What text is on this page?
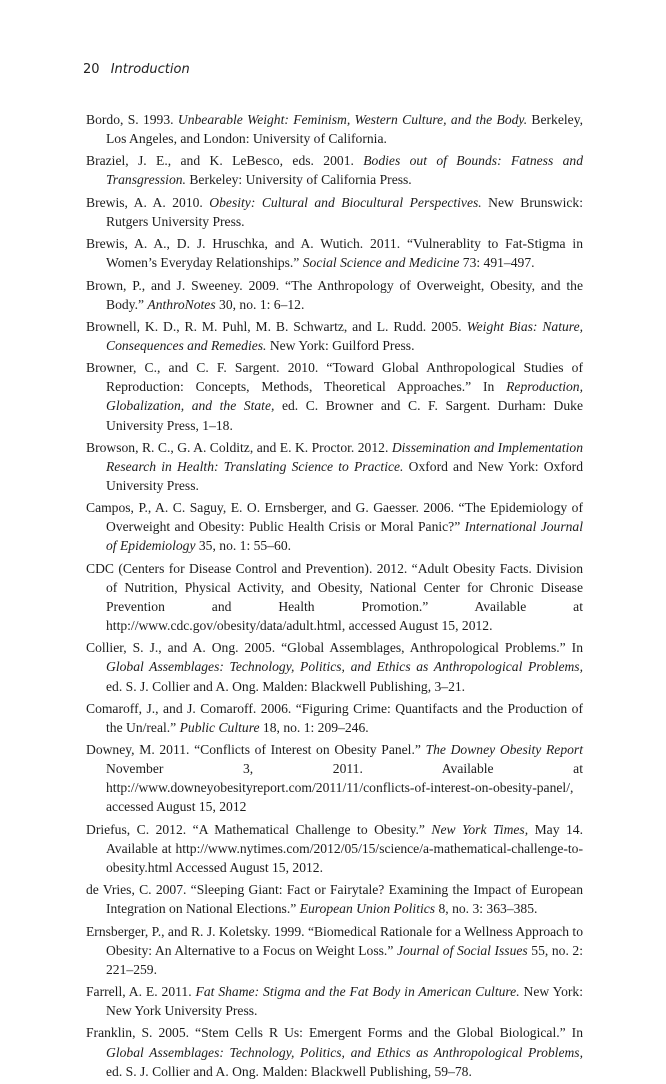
20 Introduction
Bordo, S. 1993. Unbearable Weight: Feminism, Western Culture, and the Body. Berkeley, Los Angeles, and London: University of California.
Braziel, J. E., and K. LeBesco, eds. 2001. Bodies out of Bounds: Fatness and Transgression. Berkeley: University of California Press.
Brewis, A. A. 2010. Obesity: Cultural and Biocultural Perspectives. New Brunswick: Rutgers University Press.
Brewis, A. A., D. J. Hruschka, and A. Wutich. 2011. “Vulnerablity to Fat-Stigma in Women’s Everyday Relationships.” Social Science and Medicine 73: 491–497.
Brown, P., and J. Sweeney. 2009. “The Anthropology of Overweight, Obesity, and the Body.” AnthroNotes 30, no. 1: 6–12.
Brownell, K. D., R. M. Puhl, M. B. Schwartz, and L. Rudd. 2005. Weight Bias: Nature, Consequences and Remedies. New York: Guilford Press.
Browner, C., and C. F. Sargent. 2010. “Toward Global Anthropological Studies of Reproduction: Concepts, Methods, Theoretical Approaches.” In Reproduction, Globalization, and the State, ed. C. Browner and C. F. Sargent. Durham: Duke University Press, 1–18.
Browson, R. C., G. A. Colditz, and E. K. Proctor. 2012. Dissemination and Implementation Research in Health: Translating Science to Practice. Oxford and New York: Oxford University Press.
Campos, P., A. C. Saguy, E. O. Ernsberger, and G. Gaesser. 2006. “The Epidemiology of Overweight and Obesity: Public Health Crisis or Moral Panic?” International Journal of Epidemiology 35, no. 1: 55–60.
CDC (Centers for Disease Control and Prevention). 2012. “Adult Obesity Facts. Division of Nutrition, Physical Activity, and Obesity, National Center for Chronic Disease Prevention and Health Promotion.” Available at http://www.cdc.gov/obesity/data/adult.html, accessed August 15, 2012.
Collier, S. J., and A. Ong. 2005. “Global Assemblages, Anthropological Problems.” In Global Assemblages: Technology, Politics, and Ethics as Anthropological Problems, ed. S. J. Collier and A. Ong. Malden: Blackwell Publishing, 3–21.
Comaroff, J., and J. Comaroff. 2006. “Figuring Crime: Quantifacts and the Production of the Un/real.” Public Culture 18, no. 1: 209–246.
Downey, M. 2011. “Conflicts of Interest on Obesity Panel.” The Downey Obesity Report November 3, 2011. Available at http://www.downeyobesityreport.com/2011/11/conflicts-of-interest-on-obesity-panel/, accessed August 15, 2012
Driefus, C. 2012. “A Mathematical Challenge to Obesity.” New York Times, May 14. Available at http://www.nytimes.com/2012/05/15/science/a-mathematical-challenge-to-obesity.html Accessed August 15, 2012.
de Vries, C. 2007. “Sleeping Giant: Fact or Fairytale? Examining the Impact of European Integration on National Elections.” European Union Politics 8, no. 3: 363–385.
Ernsberger, P., and R. J. Koletsky. 1999. “Biomedical Rationale for a Wellness Approach to Obesity: An Alternative to a Focus on Weight Loss.” Journal of Social Issues 55, no. 2: 221–259.
Farrell, A. E. 2011. Fat Shame: Stigma and the Fat Body in American Culture. New York: New York University Press.
Franklin, S. 2005. “Stem Cells R Us: Emergent Forms and the Global Biological.” In Global Assemblages: Technology, Politics, and Ethics as Anthropological Problems, ed. S. J. Collier and A. Ong. Malden: Blackwell Publishing, 59–78.
